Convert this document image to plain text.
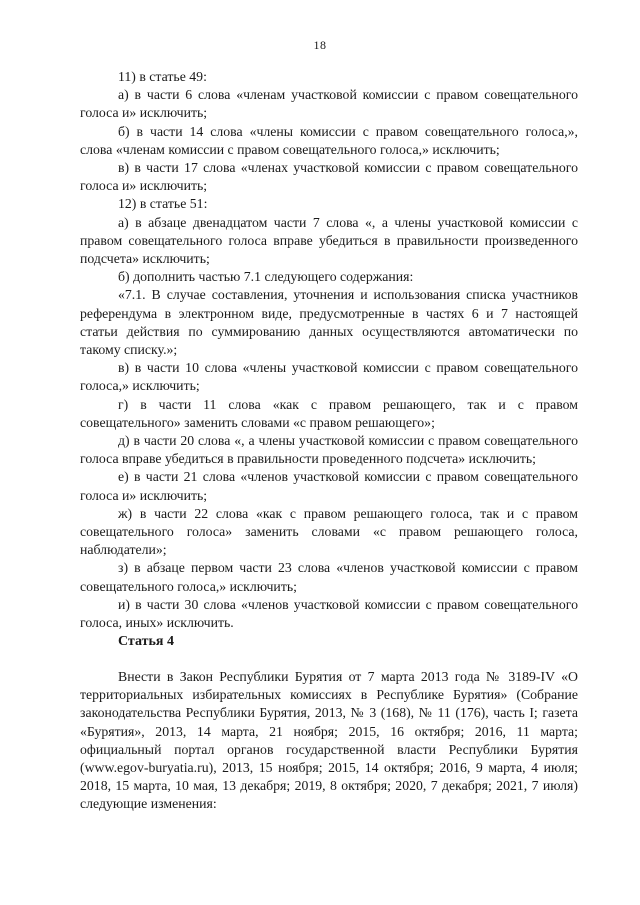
18

11) в статье 49:

а) в части 6 слова «членам участковой комиссии с правом совещательного голоса и» исключить;

б) в части 14 слова «члены комиссии с правом совещательного голоса,», слова «членам комиссии с правом совещательного голоса,» исключить;

в) в части 17 слова «членах участковой комиссии с правом совещательного голоса и» исключить;

12) в статье 51:

а) в абзаце двенадцатом части 7 слова «, а члены участковой комиссии с правом совещательного голоса вправе убедиться в правильности произведенного подсчета» исключить;

б) дополнить частью 7.1 следующего содержания:

«7.1. В случае составления, уточнения и использования списка участников референдума в электронном виде, предусмотренные в частях 6 и 7 настоящей статьи действия по суммированию данных осуществляются автоматически по такому списку.»;

в) в части 10 слова «члены участковой комиссии с правом совещательного голоса,» исключить;

г) в части 11 слова «как с правом решающего, так и с правом совещательного» заменить словами «с правом решающего»;

д) в части 20 слова «, а члены участковой комиссии с правом совещательного голоса вправе убедиться в правильности проведенного подсчета» исключить;

е) в части 21 слова «членов участковой комиссии с правом совещательного голоса и» исключить;

ж) в части 22 слова «как с правом решающего голоса, так и с правом совещательного голоса» заменить словами «с правом решающего голоса, наблюдатели»;

з) в абзаце первом части 23 слова «членов участковой комиссии с правом совещательного голоса,» исключить;

и) в части 30 слова «членов участковой комиссии с правом совещательного голоса, иных» исключить.

Статья 4

Внести в Закон Республики Бурятия от 7 марта 2013 года № 3189-IV «О территориальных избирательных комиссиях в Республике Бурятия» (Собрание законодательства Республики Бурятия, 2013, № 3 (168), № 11 (176), часть I; газета «Бурятия», 2013, 14 марта, 21 ноября; 2015, 16 октября; 2016, 11 марта; официальный портал органов государственной власти Республики Бурятия (www.egov-buryatia.ru), 2013, 15 ноября; 2015, 14 октября; 2016, 9 марта, 4 июля; 2018, 15 марта, 10 мая, 13 декабря; 2019, 8 октября; 2020, 7 декабря; 2021, 7 июля) следующие изменения:
